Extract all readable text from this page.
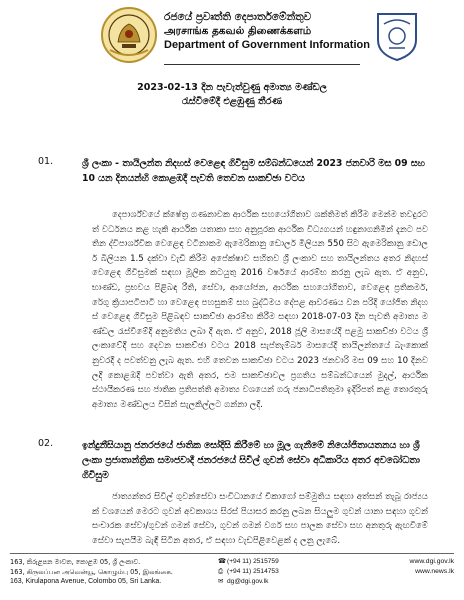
රජයේ ප්‍රවෘත්ති දෙපාර්තමේන්තුව
அரசாங்க தகவல் திணைக்களம்
Department of Government Information
2023-02-13 දින පැවැත්වුණු අමාත්‍ය මණ්ඩල
රැස්වීමේදී එළඹුණු තීරණ
01.	ශ්‍රී ලංකා - තායිලන්ත නිදහස් වෙළෙඳ ගිවිසුම සම්බන්ධයෙන් 2023 ජනවාරි මස 09 සහ 10 යන දිනයන්හි කොළඹදී පැවති තෙවන සාකච්ඡා වටය
දෙපාර්ශ්වයේ ක්ෂේත්‍ර ගණනාවක ආර්ථික සහයෝගිතාව ශක්තිමත් කිරීම මෙන්ම තවදුරටත් වර්ධනය කළ හැකි ආර්ථික යතාකා සහ අනුපූරක ආර්ථික විධ්‍යගයන් හඳුනාගනිමින් දැනට පවතින ද්විපාර්ශ්වික වෙළෙඳ වටිනාකම ඇමෙරිකානු ඩොලර් මිලියන 550 සිට ඇමෙරිකානු ඩොලර් බිලියන 1.5 දක්වා වැඩි කිරීම අපේක්ෂාව සහිතව ශ්‍රී ලංකාව සහ තායිලන්තය අතර නිදහස් වෙළෙඳ ගිවිසුමක් සඳහා මූලික කටයුතු 2016 වර්ෂයේ ආරම්භ කරනු ලැබ ඇත. ඒ අනුව, භාණ්ඩ, ප්‍රභවය පිළිබඳ රීති, සේවා, ආයෝජන, ආර්ථික සහයෝගිතාව, වෙළෙඳ ප්‍රතිකර්ම, රේගු ක්‍රියාපටිපාටි හා වෙළෙඳ පහසුකම් සහ බුද්ධිමය දේපළ ආවරණය වන පරිදි යෝජිත නිදහස් වෙළෙඳ ගිවිසුම පිළිබඳව සාකච්ඡා ආරම්භ කිරීම සඳහා 2018-07-03 දින පැවති අමාත්‍ය මණ්ඩල රැස්වීමේදී අනුමතිය ලබා දී ඇත. ඒ අනුව, 2018 ජූලි මාසයේදී පළමු සාකච්ඡා වටය ශ්‍රී ලංකාවේදී සහ දෙවන සාකච්ඡා වටය 2018 සැප්තැම්බර් මාසයේදී තායිලන්තයේ බැංකොක් නුවරදී ද පවත්වනු ලැබ ඇත. එහි තෙවන සාකච්ඡා වටය 2023 ජනවාරි මස 09 සහ 10 දිනවලදී කොළඹදී පවත්වා ඇති අතර, එම සාකච්ඡාවල ප්‍රගතිය සම්බන්ධයෙන් මුදල්, ආර්ථික ස්ථායීකරණ සහ ජාතික ප්‍රතිපත්ති අමාත්‍ය වශයෙන් ගරු ජනාධිපතිතුමා ඉදිරිපත් කළ තොරතුරු අමාත්‍ය මණ්ඩලය විසින් සැලකිල්ලට ගන්නා ලදී.
02.	ඉන්දුනීසියානු ජනරජයේ ජාතික සෝදිසි කිරීමේ හා මූල ගැනීමේ නියෝජිතායතනය හා ශ්‍රී ලංකා ප්‍රජාතාන්ත්‍රික සමාජවාදී ජනරජයේ සිවිල් ගුවන් සේවා අධිකාරිය අතර අවබෝධතා ගිවිසුම
ජාත්‍යන්තර සිවිල් ගුවන්සේවා සංවිධානයේ චිකාගෝ සම්මුතිය සඳහා අත්සන් තැබූ රාජ්‍යයක් වශයෙන් මෙරට ගුවන් අවකාශය සිරස් පියාසර කරනු ලබන සියලුම ගුවන් යානා සඳහා ගුවන් සංචාරක සේවා/ගුවන් ගමන් සේවා, ගුවන් ගමන් වර්ග සහ පාලක සේවා සහ අනතුරු ඇඟවීමේ සේවා සැපයීම බැඳී සිටින අතර, ඒ සඳහා වැඩපිළිවෙළක් ද ලනු ලැබේ.
163, කිරුළපන මාවත, කොළඹ 05, ශ්‍රී ලංකාව.
163, கிருலப்பன அவென்யூ, கொழும்பு 05, இலங்கை.
163, Kirulapona Avenue, Colombo 05, Sri Lanka.
☎(+94 11) 2515759
⎙ (+94 11) 2514753
✉ dg@dgi.gov.lk
www.dgi.gov.lk
www.news.lk
